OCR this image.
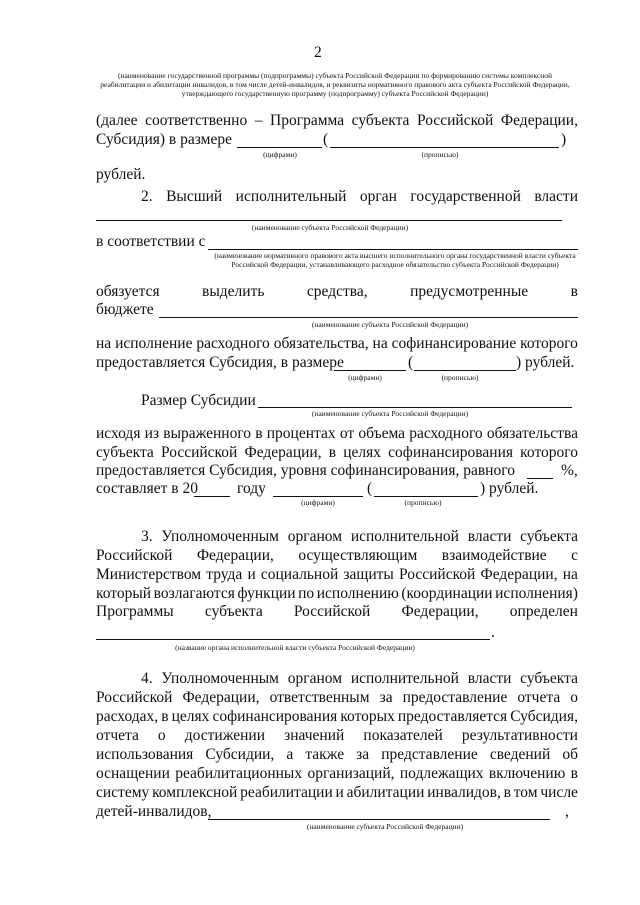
2
(наименование государственной программы (подпрограммы) субъекта Российской Федерации по формированию системы комплексной реабилитации и абилитации инвалидов, в том числе детей-инвалидов, и реквизиты нормативного правового акта субъекта Российской Федерации, утверждающего государственную программу (подпрограмму) субъекта Российской Федерации)
(далее соответственно – Программа субъекта Российской Федерации,
Субсидия) в размере	(	)
(цифрами)	(прописью)
рублей.
2. Высший исполнительный орган государственной власти
(наименование субъекта Российской Федерации)
в соответствии с
(наименование нормативного правового акта высшего исполнительного органа государственной власти субъекта Российской Федерации, устанавливающего расходное обязательство субъекта Российской Федерации)
обязуется	выделить	средства,	предусмотренные	в
бюджете
(наименование субъекта Российской Федерации)
на исполнение расходного обязательства, на софинансирование которого
предоставляется Субсидия, в размере	(	) рублей.
(цифрами)	(прописью)
Размер Субсидии
(наименование субъекта Российской Федерации)
исходя из выраженного в процентах от объема расходного обязательства
субъекта Российской Федерации, в целях софинансирования которого
предоставляется Субсидия, уровня софинансирования, равного	%,
составляет в 20	году	(	) рублей.
(цифрами)	(прописью)
3. Уполномоченным органом исполнительной власти субъекта
Российской Федерации, осуществляющим взаимодействие с
Министерством труда и социальной защиты Российской Федерации, на
который возлагаются функции по исполнению (координации исполнения)
Программы субъекта Российской Федерации, определен
.
(название органа исполнительной власти субъекта Российской Федерации)
4. Уполномоченным органом исполнительной власти субъекта
Российской Федерации, ответственным за предоставление отчета о
расходах, в целях софинансирования которых предоставляется Субсидия,
отчета о достижении значений показателей результативности
использования Субсидии, а также за представление сведений об
оснащении реабилитационных организаций, подлежащих включению в
систему комплексной реабилитации и абилитации инвалидов, в том числе
детей-инвалидов,	,
(наименование субъекта Российской Федерации)
